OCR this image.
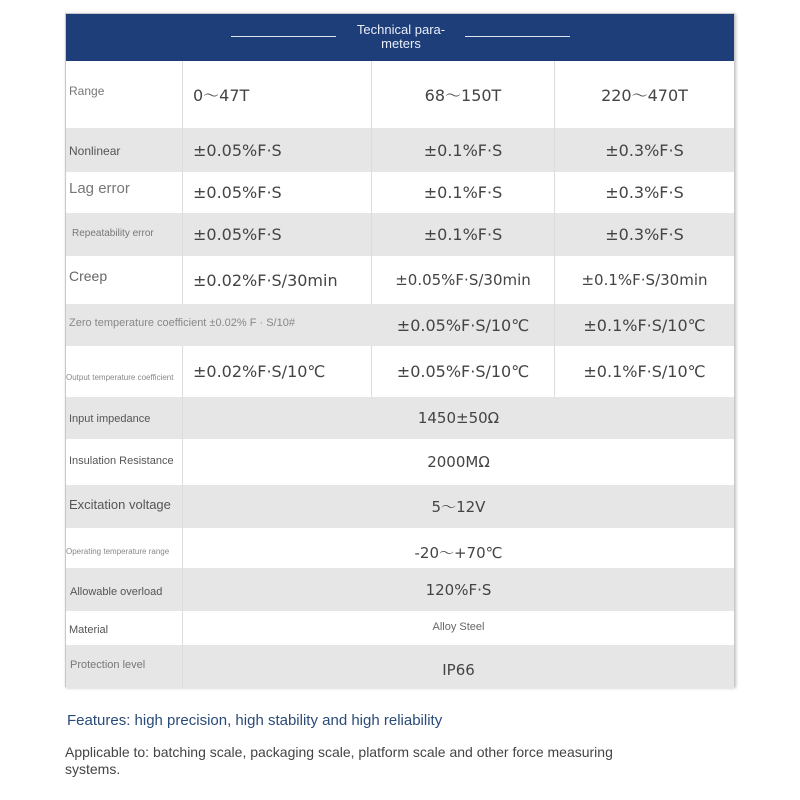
Technical para-
meters
Range	0～47T	68～150T	220～470T
Nonlinear	±0.05%F·S	±0.1%F·S	±0.3%F·S
Lag error	±0.05%F·S	±0.1%F·S	±0.3%F·S
Repeatability error	±0.05%F·S	±0.1%F·S	±0.3%F·S
Creep	±0.02%F·S/30min	±0.05%F·S/30min	±0.1%F·S/30min
Zero temperature coefficient ±0.02% F · S/10#	±0.05%F·S/10℃	±0.1%F·S/10℃
Output temperature coefficient	±0.02%F·S/10℃	±0.05%F·S/10℃	±0.1%F·S/10℃
Input impedance	1450±50Ω
Insulation Resistance	2000MΩ
Excitation voltage	5～12V
Operating temperature range	-20～+70℃
Allowable overload	120%F·S
Material	Alloy Steel
Protection level	IP66
Features: high precision, high stability and high reliability
Applicable to: batching scale, packaging scale, platform scale and other force measuring systems.
